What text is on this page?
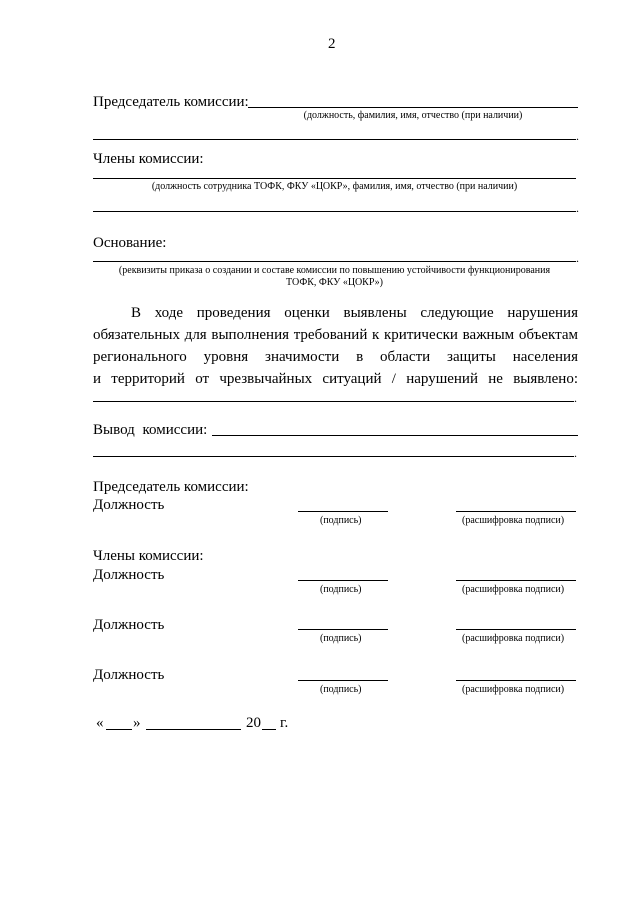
2
Председатель комиссии:
(должность, фамилия, имя, отчество (при наличии)
.
Члены комиссии:
(должность сотрудника ТОФК, ФКУ «ЦОКР», фамилия, имя, отчество (при наличии)
.
Основание:
.
(реквизиты приказа о создании и составе комиссии по повышению устойчивости функционирования
ТОФК, ФКУ «ЦОКР»)
В ходе проведения оценки выявлены следующие нарушения
обязательных для выполнения требований к критически важным объектам
регионального уровня значимости в области защиты населения
и территорий от чрезвычайных ситуаций / нарушений не выявлено:
.
Вывод комиссии:
.
Председатель комиссии:
Должность
(подпись)	(расшифровка подписи)
Члены комиссии:
Должность
(подпись)	(расшифровка подписи)
Должность
(подпись)	(расшифровка подписи)
Должность
(подпись)	(расшифровка подписи)
« »	20 г.
